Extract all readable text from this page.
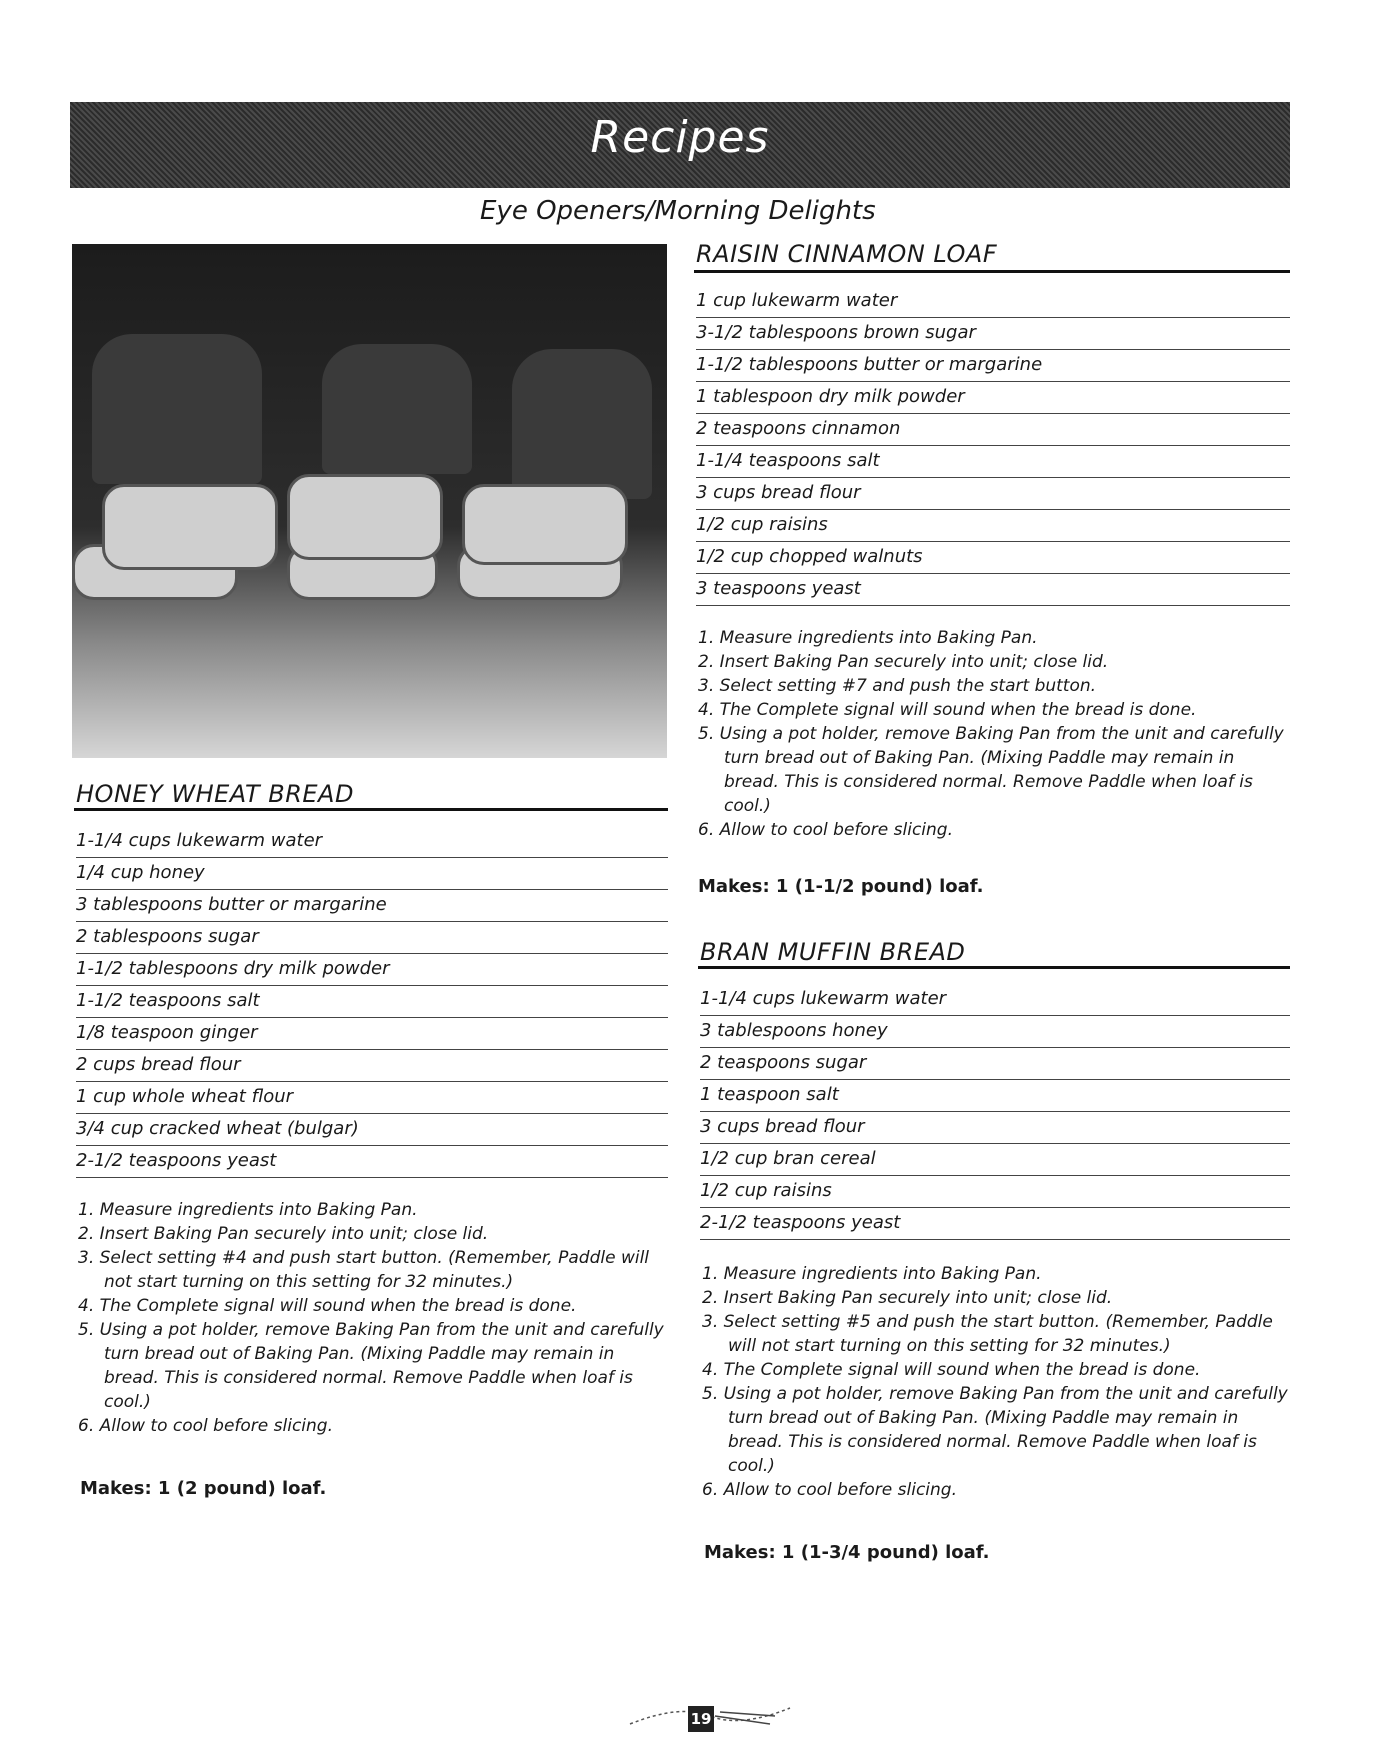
Recipes
Eye Openers/Morning Delights
RAISIN CINNAMON LOAF
1 cup lukewarm water
3-1/2 tablespoons brown sugar
1-1/2 tablespoons butter or margarine
1 tablespoon dry milk powder
2 teaspoons cinnamon
1-1/4 teaspoons salt
3 cups bread flour
1/2 cup raisins
1/2 cup chopped walnuts
3 teaspoons yeast
1. Measure ingredients into Baking Pan.
2. Insert Baking Pan securely into unit; close lid.
3. Select setting #7 and push the start button.
4. The Complete signal will sound when the bread is done.
5. Using a pot holder, remove Baking Pan from the unit and carefully turn bread out of Baking Pan. (Mixing Paddle may remain in bread. This is considered normal. Remove Paddle when loaf is cool.)
6. Allow to cool before slicing.
Makes: 1 (1-1/2 pound) loaf.
HONEY WHEAT BREAD
1-1/4 cups lukewarm water
1/4 cup honey
3 tablespoons butter or margarine
2 tablespoons sugar
1-1/2 tablespoons dry milk powder
1-1/2 teaspoons salt
1/8 teaspoon ginger
2 cups bread flour
1 cup whole wheat flour
3/4 cup cracked wheat (bulgar)
2-1/2 teaspoons yeast
1. Measure ingredients into Baking Pan.
2. Insert Baking Pan securely into unit; close lid.
3. Select setting #4 and push start button. (Remember, Paddle will not start turning on this setting for 32 minutes.)
4. The Complete signal will sound when the bread is done.
5. Using a pot holder, remove Baking Pan from the unit and carefully turn bread out of Baking Pan. (Mixing Paddle may remain in bread. This is considered normal. Remove Paddle when loaf is cool.)
6. Allow to cool before slicing.
Makes: 1 (2 pound) loaf.
BRAN MUFFIN BREAD
1-1/4 cups lukewarm water
3 tablespoons honey
2 teaspoons sugar
1 teaspoon salt
3 cups bread flour
1/2 cup bran cereal
1/2 cup raisins
2-1/2 teaspoons yeast
1. Measure ingredients into Baking Pan.
2. Insert Baking Pan securely into unit; close lid.
3. Select setting #5 and push the start button. (Remember, Paddle will not start turning on this setting for 32 minutes.)
4. The Complete signal will sound when the bread is done.
5. Using a pot holder, remove Baking Pan from the unit and carefully turn bread out of Baking Pan. (Mixing Paddle may remain in bread. This is considered normal. Remove Paddle when loaf is cool.)
6. Allow to cool before slicing.
Makes: 1 (1-3/4 pound) loaf.
19
